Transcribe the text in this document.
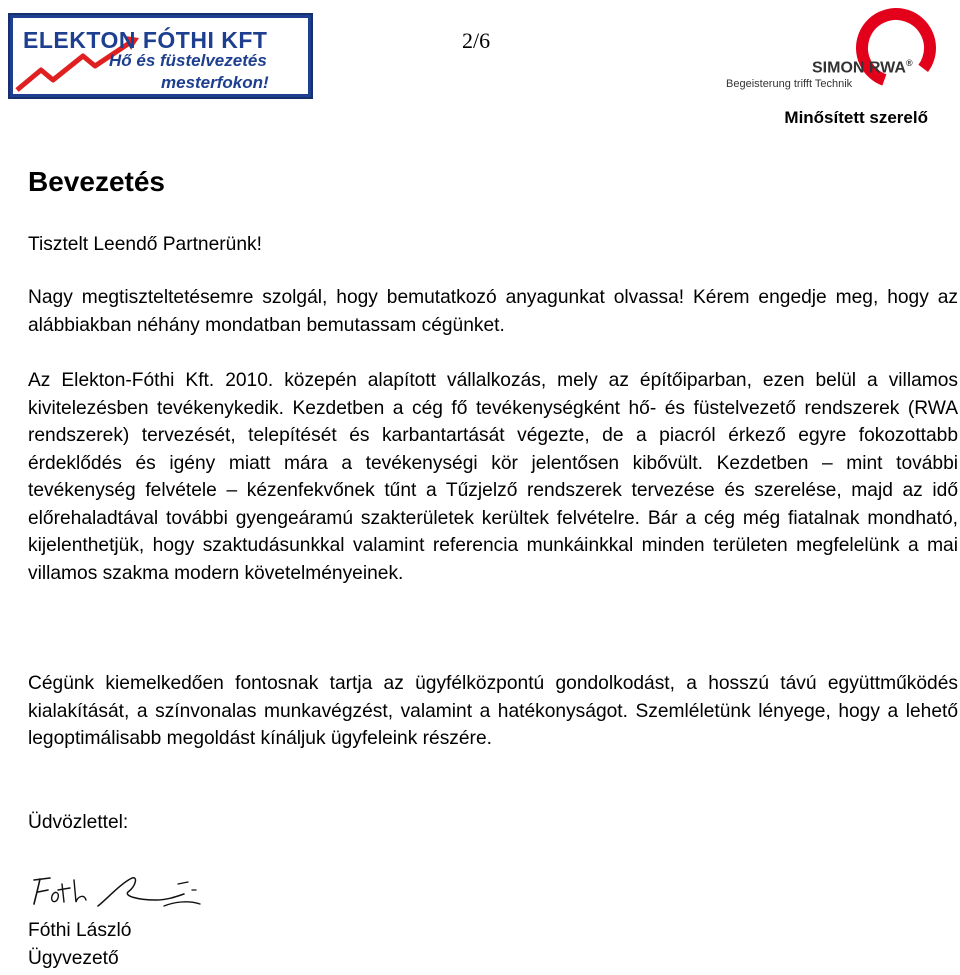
ELEKTON FÓTHI KFT
Hő és füstelvezetés
mesterfokon!
2/6
SIMON RWA®
Begeisterung trifft Technik
Minősített szerelő
Bevezetés
Tisztelt Leendő Partnerünk!

Nagy megtiszteltetésemre szolgál, hogy bemutatkozó anyagunkat olvassa! Kérem engedje meg, hogy az alábbiakban néhány mondatban bemutassam cégünket.

Az Elekton-Fóthi Kft. 2010. közepén alapított vállalkozás, mely az építőiparban, ezen belül a villamos kivitelezésben tevékenykedik. Kezdetben a cég fő tevékenységként hő- és füstelvezető rendszerek (RWA rendszerek) tervezését, telepítését és karbantartását végezte, de a piacról érkező egyre fokozottabb érdeklődés és igény miatt mára a tevékenységi kör jelentősen kibővült. Kezdetben – mint további tevékenység felvétele – kézenfekvőnek tűnt a Tűzjelző rendszerek tervezése és szerelése, majd az idő előrehaladtával további gyengeáramú szakterületek kerültek felvételre. Bár a cég még fiatalnak mondható, kijelenthetjük, hogy szaktudásunkkal valamint referencia munkáinkkal minden területen megfelelünk a mai villamos szakma modern követelményeinek.

Cégünk kiemelkedően fontosnak tartja az ügyfélközpontú gondolkodást, a hosszú távú együttműködés kialakítását, a színvonalas munkavégzést, valamint a hatékonyságot. Szemléletünk lényege, hogy a lehető legoptimálisabb megoldást kínáljuk ügyfeleink részére.

Üdvözlettel:
Fóthi László
Ügyvezető
